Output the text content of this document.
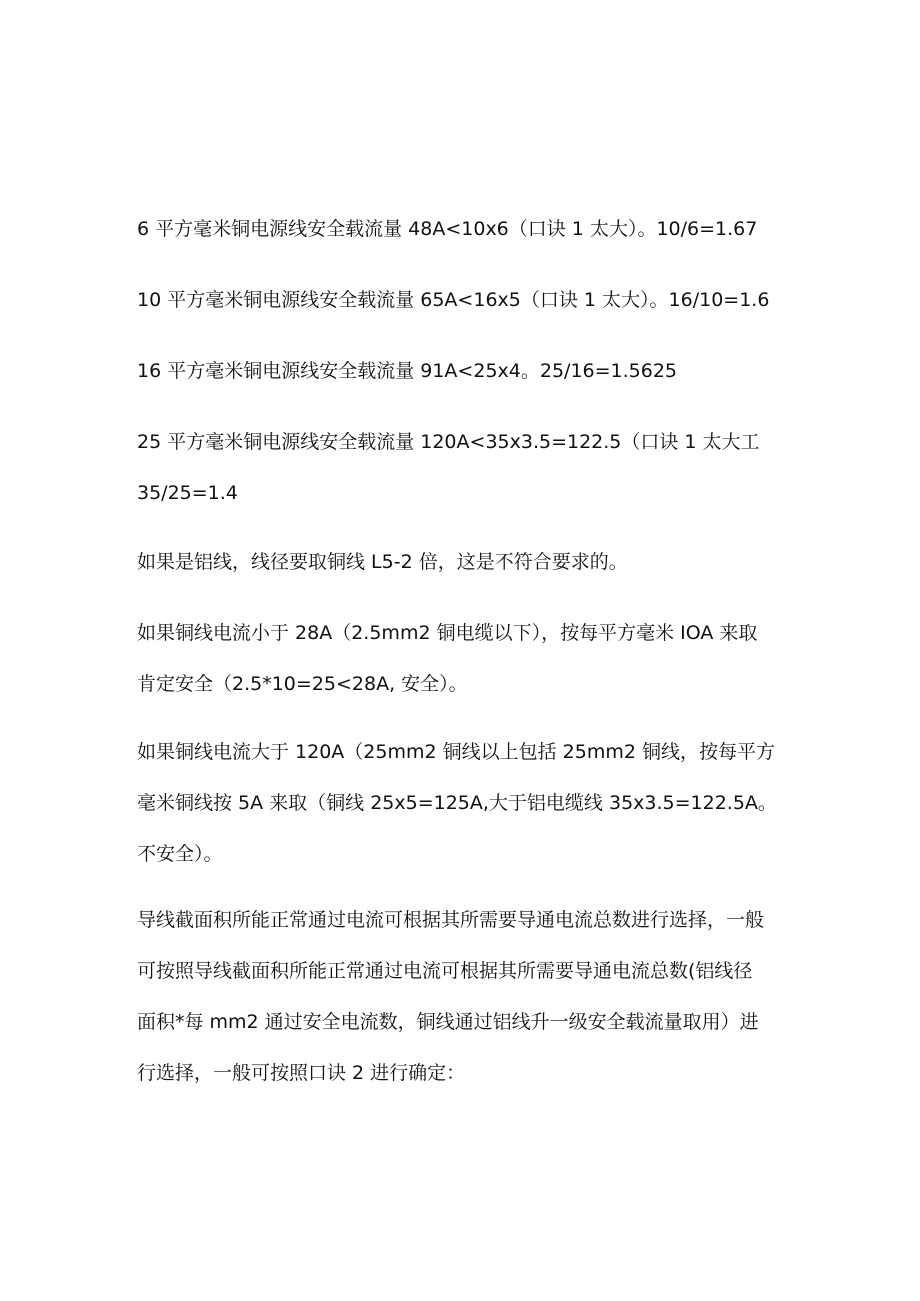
6 平方毫米铜电源线安全载流量 48A<10x6（口诀 1 太大）。10/6=1.67

10 平方毫米铜电源线安全载流量 65A<16x5（口诀 1 太大）。16/10=1.6

16 平方毫米铜电源线安全载流量 91A<25x4。25/16=1.5625

25 平方毫米铜电源线安全载流量 120A<35x3.5=122.5（口诀 1 太大工
35/25=1.4

如果是铝线，线径要取铜线 L5-2 倍，这是不符合要求的。

如果铜线电流小于 28A（2.5mm2 铜电缆以下），按每平方毫米 IOA 来取
肯定安全（2.5*10=25<28A, 安全）。

如果铜线电流大于 120A（25mm2 铜线以上包括 25mm2 铜线，按每平方
毫米铜线按 5A 来取（铜线 25x5=125A,大于铝电缆线 35x3.5=122.5A。
不安全）。

导线截面积所能正常通过电流可根据其所需要导通电流总数进行选择，一般
可按照导线截面积所能正常通过电流可根据其所需要导通电流总数(铝线径
面积*每 mm2 通过安全电流数，铜线通过铝线升一级安全载流量取用）进
行选择，一般可按照口诀 2 进行确定：
